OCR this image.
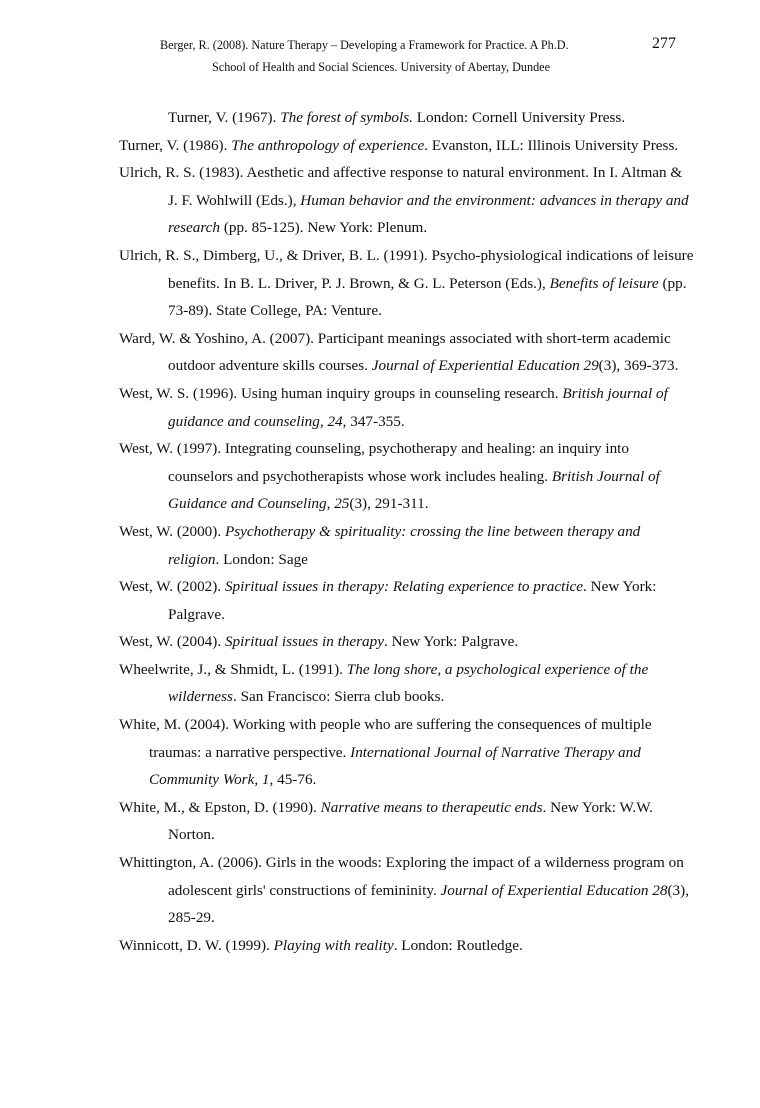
Berger, R. (2008). Nature Therapy – Developing a Framework for Practice. A Ph.D.	277
School of Health and Social Sciences. University of Abertay, Dundee

Turner, V. (1967). The forest of symbols. London: Cornell University Press.

Turner, V. (1986). The anthropology of experience. Evanston, ILL: Illinois University Press.

Ulrich, R. S. (1983). Aesthetic and affective response to natural environment. In I. Altman & J. F. Wohlwill (Eds.), Human behavior and the environment: advances in therapy and research (pp. 85-125). New York: Plenum.

Ulrich, R. S., Dimberg, U., & Driver, B. L. (1991). Psycho-physiological indications of leisure benefits. In B. L. Driver, P. J. Brown, & G. L. Peterson (Eds.), Benefits of leisure (pp. 73-89). State College, PA: Venture.

Ward, W. & Yoshino, A. (2007). Participant meanings associated with short-term academic outdoor adventure skills courses. Journal of Experiential Education 29(3), 369-373.

West, W. S. (1996). Using human inquiry groups in counseling research. British journal of guidance and counseling, 24, 347-355.

West, W. (1997). Integrating counseling, psychotherapy and healing: an inquiry into counselors and psychotherapists whose work includes healing. British Journal of Guidance and Counseling, 25(3), 291-311.

West, W. (2000). Psychotherapy & spirituality: crossing the line between therapy and religion. London: Sage

West, W. (2002). Spiritual issues in therapy: Relating experience to practice. New York: Palgrave.

West, W. (2004). Spiritual issues in therapy. New York: Palgrave.

Wheelwrite, J., & Shmidt, L. (1991). The long shore, a psychological experience of the wilderness. San Francisco: Sierra club books.

White, M. (2004). Working with people who are suffering the consequences of multiple traumas: a narrative perspective. International Journal of Narrative Therapy and Community Work, 1, 45-76.

White, M., & Epston, D. (1990). Narrative means to therapeutic ends. New York: W.W. Norton.

Whittington, A. (2006). Girls in the woods: Exploring the impact of a wilderness program on adolescent girls' constructions of femininity. Journal of Experiential Education 28(3), 285-29.

Winnicott, D. W. (1999). Playing with reality. London: Routledge.
